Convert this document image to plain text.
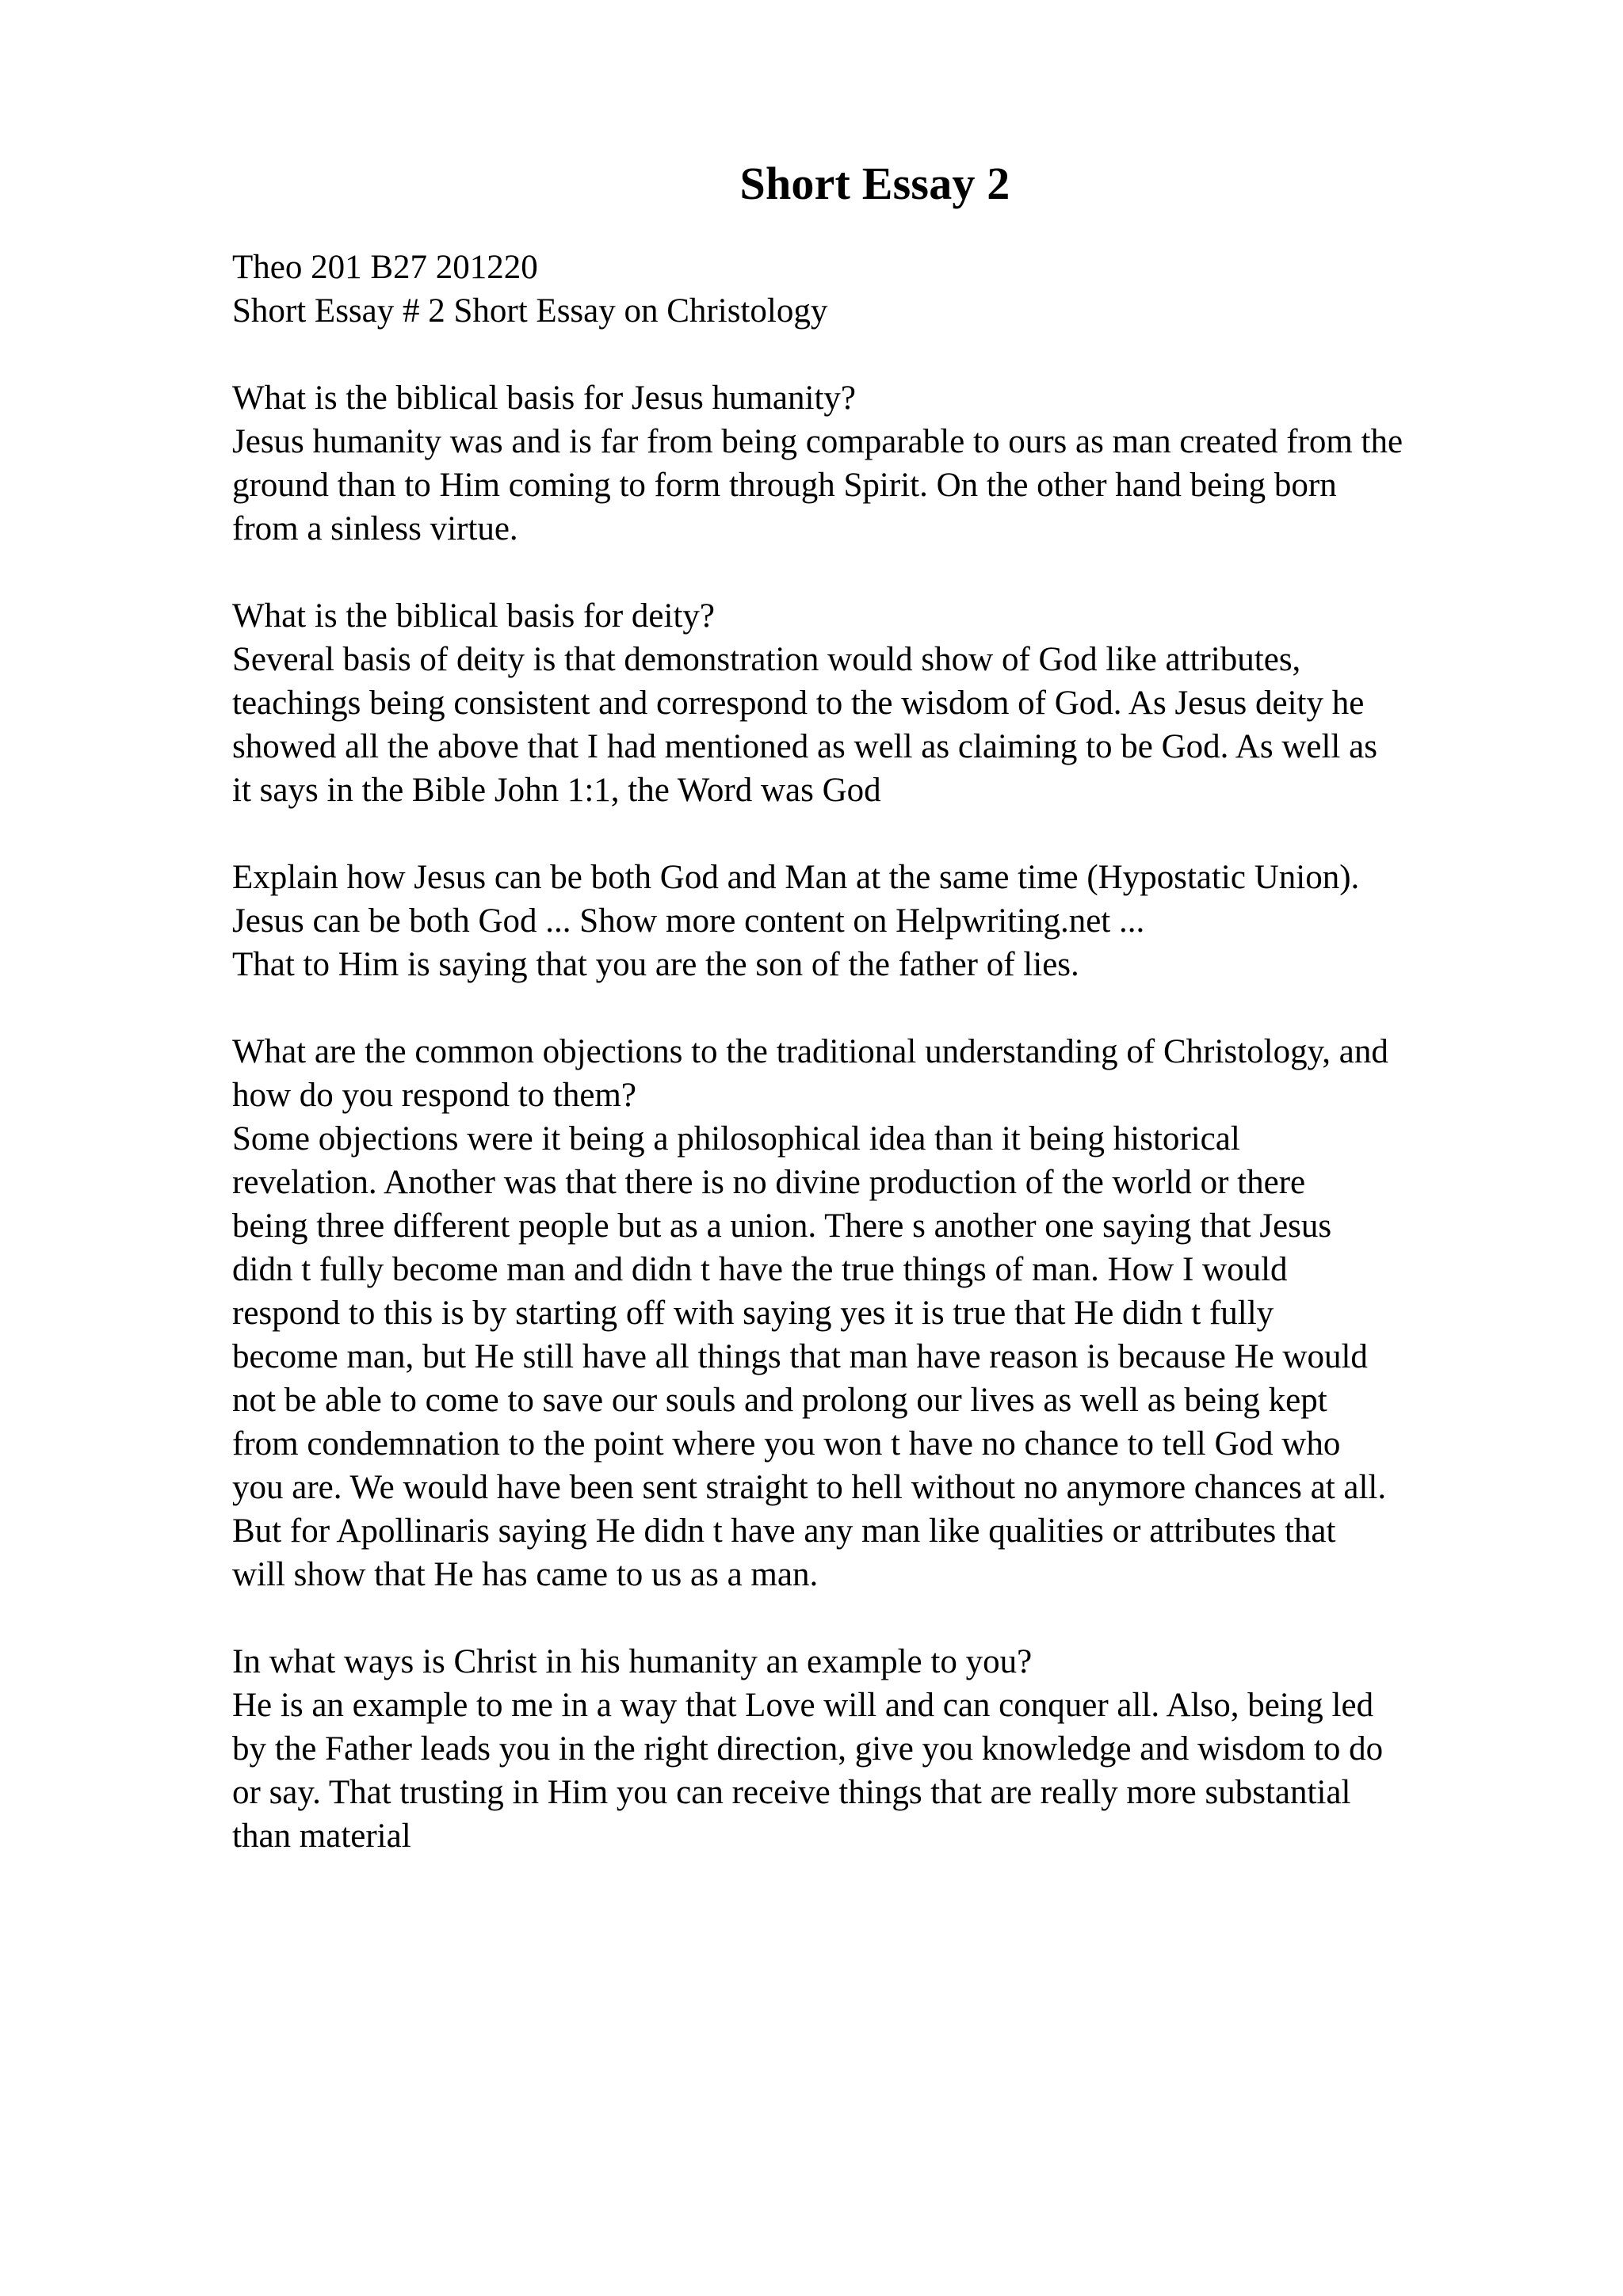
Short Essay 2
Theo 201 B27 201220
Short Essay # 2 Short Essay on Christology
What is the biblical basis for Jesus humanity?
Jesus humanity was and is far from being comparable to ours as man created from the
ground than to Him coming to form through Spirit. On the other hand being born
from a sinless virtue.
What is the biblical basis for deity?
Several basis of deity is that demonstration would show of God like attributes,
teachings being consistent and correspond to the wisdom of God. As Jesus deity he
showed all the above that I had mentioned as well as claiming to be God. As well as
it says in the Bible John 1:1, the Word was God
Explain how Jesus can be both God and Man at the same time (Hypostatic Union).
Jesus can be both God ... Show more content on Helpwriting.net ...
That to Him is saying that you are the son of the father of lies.
What are the common objections to the traditional understanding of Christology, and
how do you respond to them?
Some objections were it being a philosophical idea than it being historical
revelation. Another was that there is no divine production of the world or there
being three different people but as a union. There s another one saying that Jesus
didn t fully become man and didn t have the true things of man. How I would
respond to this is by starting off with saying yes it is true that He didn t fully
become man, but He still have all things that man have reason is because He would
not be able to come to save our souls and prolong our lives as well as being kept
from condemnation to the point where you won t have no chance to tell God who
you are. We would have been sent straight to hell without no anymore chances at all.
But for Apollinaris saying He didn t have any man like qualities or attributes that
will show that He has came to us as a man.
In what ways is Christ in his humanity an example to you?
He is an example to me in a way that Love will and can conquer all. Also, being led
by the Father leads you in the right direction, give you knowledge and wisdom to do
or say. That trusting in Him you can receive things that are really more substantial
than material
